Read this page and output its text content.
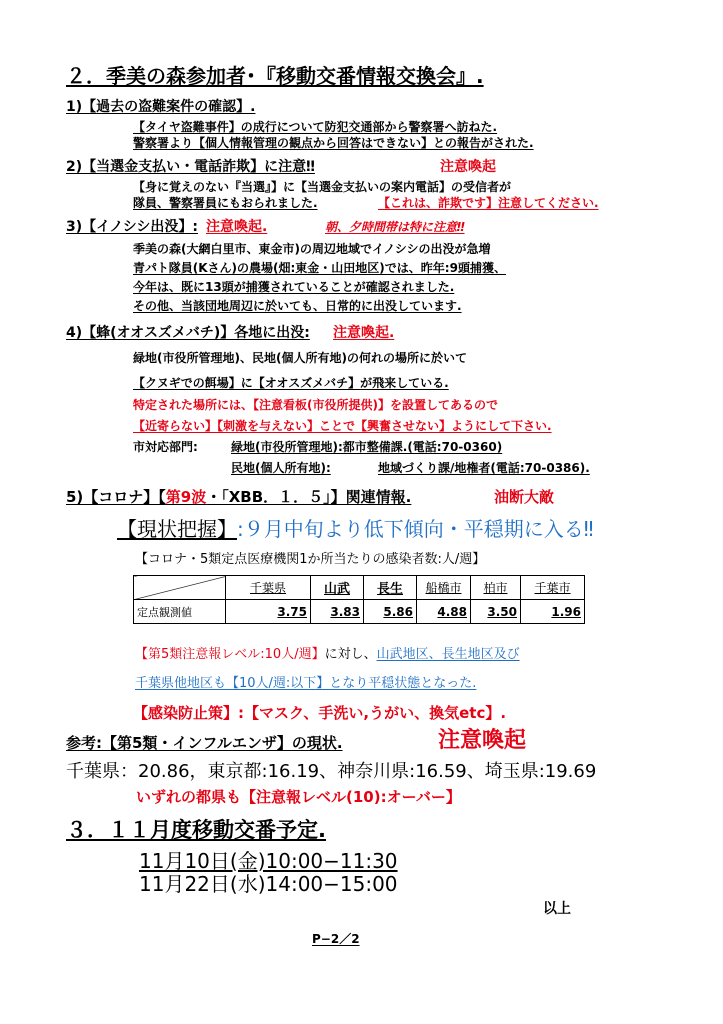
２．季美の森参加者･『移動交番情報交換会』.
1)【過去の盗難案件の確認】.
【タイヤ盗難事件】の成行について防犯交通部から警察署へ訪ねた.
警察署より【個人情報管理の観点から回答はできない】との報告がされた.
2)【当選金支払い・電話詐欺】に注意‼	注意喚起
【身に覚えのない『当選』】に【当選金支払いの案内電話】の受信者が
隊員、警察署員にもおられました.	【これは、詐欺です】注意してください.
3)【イノシシ出没】: 注意喚起.	朝、夕時間帯は特に注意‼
季美の森(大網白里市、東金市)の周辺地域でイノシシの出没が急増
青パト隊員(Kさん)の農場(畑:東金・山田地区)では、昨年:9頭捕獲、
今年は、既に13頭が捕獲されていることが確認されました.
その他、当該団地周辺に於いても、日常的に出没しています.
4)【蜂(オオスズメバチ)】各地に出没: 注意喚起.
緑地(市役所管理地)、民地(個人所有地)の何れの場所に於いて
【クヌギでの餌場】に【オオスズメバチ】が飛来している.
特定された場所には、【注意看板(市役所提供)】を設置してあるので
【近寄らない】【刺激を与えない】ことで【興奮させない】ようにして下さい.
市対応部門:	緑地(市役所管理地):都市整備課.(電話:70-0360)
民地(個人所有地):	地域づくり課/地権者(電話:70-0386).
5)【コロナ】【第9波・「XBB．１．５」】関連情報.	油断大敵
【現状把握】:９月中旬より低下傾向・平穏期に入る‼
【コロナ・5類定点医療機関1か所当たりの感染者数:人/週】
	千葉県	山武	長生	船橋市	柏市	千葉市
定点観測値	3.75	3.83	5.86	4.88	3.50	1.96
【第5類注意報レベル:10人/週】に対し、山武地区、長生地区及び
千葉県他地区も【10人/週:以下】となり平穏状態となった.
【感染防止策】:【マスク、手洗い,うがい、換気etc】.
参考:【第5類・インフルエンザ】の現状.	注意喚起
千葉県：20.86，東京都:16.19、神奈川県:16.59、埼玉県:19.69
いずれの都県も【注意報レベル(10):オーバー】
３．１１月度移動交番予定.
11月10日(金)10:00−11:30
11月22日(水)14:00−15:00
以上
P−2／2
